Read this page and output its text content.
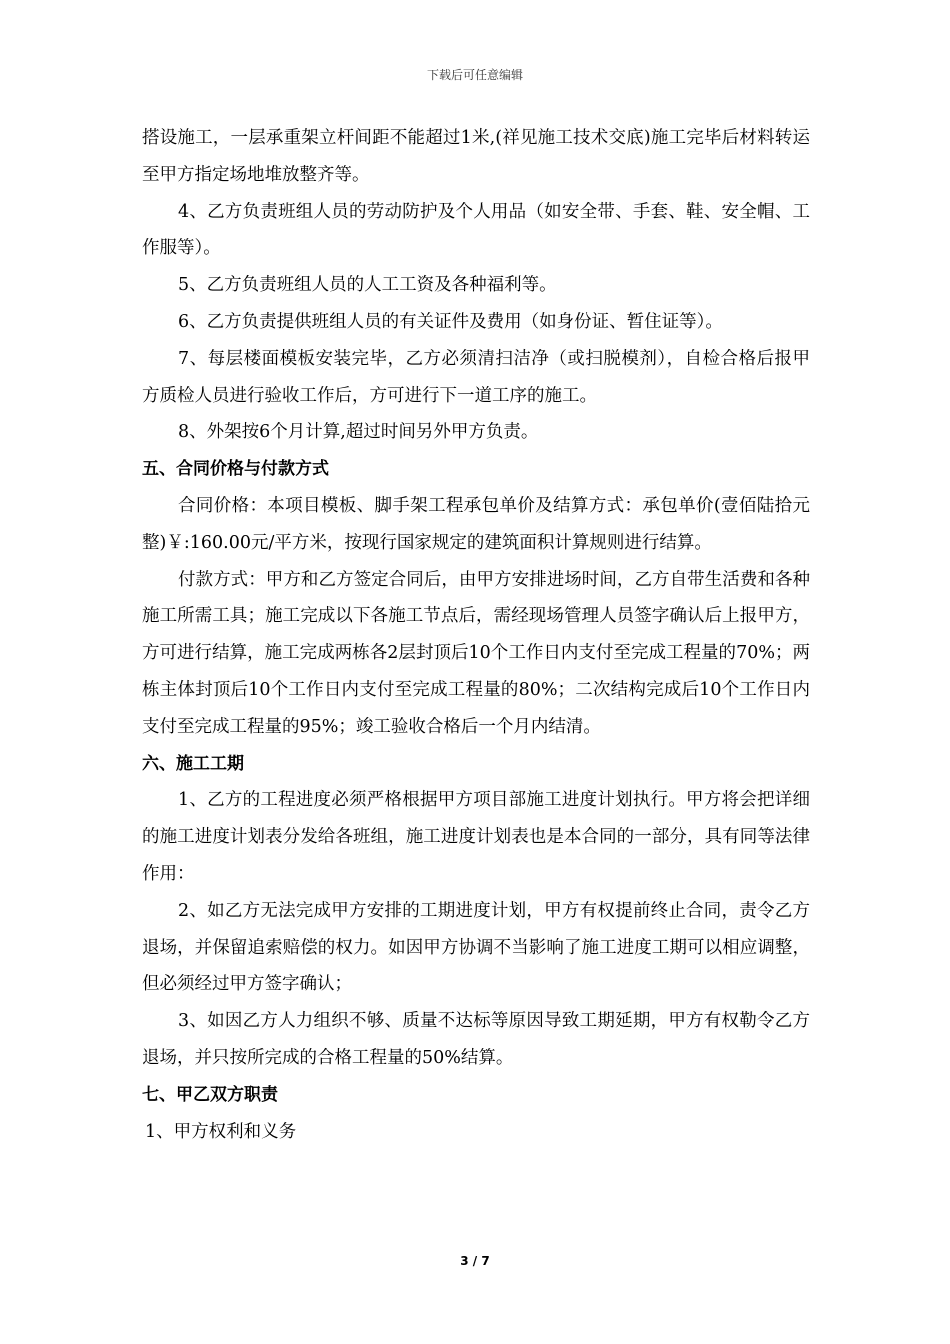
下载后可任意编辑

搭设施工，一层承重架立杆间距不能超过1米,(祥见施工技术交底)施工完毕后材料转运至甲方指定场地堆放整齐等。

4、乙方负责班组人员的劳动防护及个人用品（如安全带、手套、鞋、安全帽、工作服等）。

5、乙方负责班组人员的人工工资及各种福利等。

6、乙方负责提供班组人员的有关证件及费用（如身份证、暂住证等）。

7、每层楼面模板安装完毕，乙方必须清扫洁净（或扫脱模剂），自检合格后报甲方质检人员进行验收工作后，方可进行下一道工序的施工。

8、外架按6个月计算,超过时间另外甲方负责。

五、合同价格与付款方式

合同价格：本项目模板、脚手架工程承包单价及结算方式：承包单价(壹佰陆拾元整)￥:160.00元/平方米，按现行国家规定的建筑面积计算规则进行结算。

付款方式：甲方和乙方签定合同后，由甲方安排进场时间，乙方自带生活费和各种施工所需工具；施工完成以下各施工节点后，需经现场管理人员签字确认后上报甲方，方可进行结算，施工完成两栋各2层封顶后10个工作日内支付至完成工程量的70%；两栋主体封顶后10个工作日内支付至完成工程量的80%；二次结构完成后10个工作日内支付至完成工程量的95%；竣工验收合格后一个月内结清。

六、施工工期

1、乙方的工程进度必须严格根据甲方项目部施工进度计划执行。甲方将会把详细的施工进度计划表分发给各班组，施工进度计划表也是本合同的一部分，具有同等法律作用：

2、如乙方无法完成甲方安排的工期进度计划，甲方有权提前终止合同，责令乙方退场，并保留追索赔偿的权力。如因甲方协调不当影响了施工进度工期可以相应调整，但必须经过甲方签字确认；

3、如因乙方人力组织不够、质量不达标等原因导致工期延期，甲方有权勒令乙方退场，并只按所完成的合格工程量的50%结算。

七、甲乙双方职责

1、甲方权利和义务

3 / 7
